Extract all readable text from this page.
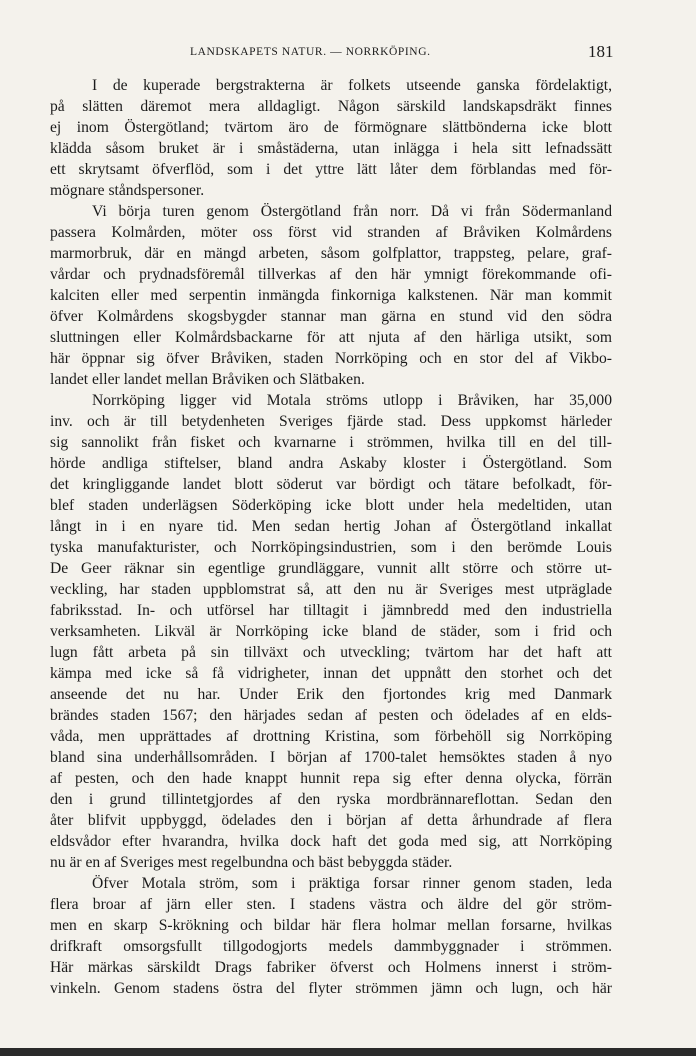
LANDSKAPETS NATUR. — NORRKÖPING.	181
I de kuperade bergstrakterna är folkets utseende ganska fördelaktigt,
på slätten däremot mera alldagligt. Någon särskild landskapsdräkt finnes
ej inom Östergötland; tvärtom äro de förmögnare slättbönderna icke blott
klädda såsom bruket är i småstäderna, utan inlägga i hela sitt lefnadssätt
ett skrytsamt öfverflöd, som i det yttre lätt låter dem förblandas med för-
mögnare ståndspersoner.
Vi börja turen genom Östergötland från norr. Då vi från Södermanland
passera Kolmården, möter oss först vid stranden af Bråviken Kolmårdens
marmorbruk, där en mängd arbeten, såsom golfplattor, trappsteg, pelare, graf-
vårdar och prydnadsföremål tillverkas af den här ymnigt förekommande ofi-
kalciten eller med serpentin inmängda finkorniga kalkstenen. När man kommit
öfver Kolmårdens skogsbygder stannar man gärna en stund vid den södra
sluttningen eller Kolmårdsbackarne för att njuta af den härliga utsikt, som
här öppnar sig öfver Bråviken, staden Norrköping och en stor del af Vikbo-
landet eller landet mellan Bråviken och Slätbaken.
Norrköping ligger vid Motala ströms utlopp i Bråviken, har 35,000
inv. och är till betydenheten Sveriges fjärde stad. Dess uppkomst härleder
sig sannolikt från fisket och kvarnarne i strömmen, hvilka till en del till-
hörde andliga stiftelser, bland andra Askaby kloster i Östergötland. Som
det kringliggande landet blott söderut var bördigt och tätare befolkadt, för-
blef staden underlägsen Söderköping icke blott under hela medeltiden, utan
långt in i en nyare tid. Men sedan hertig Johan af Östergötland inkallat
tyska manufakturister, och Norrköpingsindustrien, som i den berömde Louis
De Geer räknar sin egentlige grundläggare, vunnit allt större och större ut-
veckling, har staden uppblomstrat så, att den nu är Sveriges mest utpräglade
fabriksstad. In- och utförsel har tilltagit i jämnbredd med den industriella
verksamheten. Likväl är Norrköping icke bland de städer, som i frid och
lugn fått arbeta på sin tillväxt och utveckling; tvärtom har det haft att
kämpa med icke så få vidrigheter, innan det uppnått den storhet och det
anseende det nu har. Under Erik den fjortondes krig med Danmark
brändes staden 1567; den härjades sedan af pesten och ödelades af en elds-
våda, men upprättades af drottning Kristina, som förbehöll sig Norrköping
bland sina underhållsområden. I början af 1700-talet hemsöktes staden å nyo
af pesten, och den hade knappt hunnit repa sig efter denna olycka, förrän
den i grund tillintetgjordes af den ryska mordbrännareflottan. Sedan den
åter blifvit uppbyggd, ödelades den i början af detta århundrade af flera
eldsvådor efter hvarandra, hvilka dock haft det goda med sig, att Norrköping
nu är en af Sveriges mest regelbundna och bäst bebyggda städer.
Öfver Motala ström, som i präktiga forsar rinner genom staden, leda
flera broar af järn eller sten. I stadens västra och äldre del gör ström-
men en skarp S-krökning och bildar här flera holmar mellan forsarne, hvilkas
drifkraft omsorgsfullt tillgodogjorts medels dammbyggnader i strömmen.
Här märkas särskildt Drags fabriker öfverst och Holmens innerst i ström-
vinkeln. Genom stadens östra del flyter strömmen jämn och lugn, och här
